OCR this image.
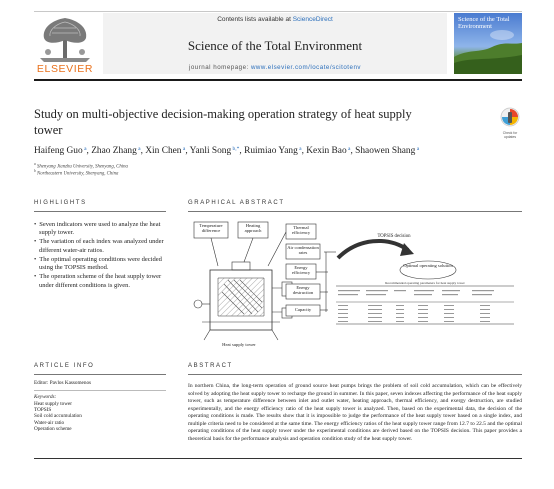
ELSEVIER
Contents lists available at ScienceDirect
Science of the Total Environment
journal homepage: www.elsevier.com/locate/scitotenv
Science of the Total Environment
Study on multi-objective decision-making operation strategy of heat supply tower	Check for updates
Haifeng Guo $^a$, Zhao Zhang $^a$, Xin Chen $^a$, Yanli Song $^{b,*}$, Ruimiao Yang $^a$, Kexin Bao $^a$, Shaowen Shang $^a$
$^a$ Shenyang Jianzhu University, Shenyang, China
$^b$ Northeastern University, Shenyang, China
HIGHLIGHTS
• Seven indicators were used to analyze the heat supply tower.
• The variation of each index was analyzed under different water-air ratios.
• The optimal operating conditions were decided using the TOPSIS method.
• The operation scheme of the heat supply tower under different conditions is given.
GRAPHICAL ABSTRACT
Temperature difference
Heating approach
Thermal efficiency
Air condensation rates
Energy efficiency
Energy destruction
Capacity
TOPSIS decision
Optimal operating solution
Recommended operating parameters for heat supply tower
Heat supply tower
ARTICLE INFO
Editor: Pavlos Kassomenos
Keywords:
Heat supply tower
TOPSIS
Soil cold accumulation
Water-air ratio
Operation scheme
ABSTRACT
In northern China, the long-term operation of ground source heat pumps brings the problem of soil cold accumulation, which can be effectively solved by adopting the heat supply tower to recharge the ground in summer. In this paper, seven indexes affecting the performance of the heat supply tower, such as temperature difference between inlet and outlet water, heating approach, thermal efficiency, and exergy destruction, are studied experimentally, and the energy efficiency ratio of the heat supply tower is analyzed. Then, based on the experimental data, the decision of the operating conditions is made. The results show that it is impossible to judge the performance of the heat supply tower based on a single index, and multiple criteria need to be considered at the same time. The energy efficiency ratios of the heat supply tower range from 12.7 to 22.5 and the optimal operating conditions of the heat supply tower under the experimental conditions are derived based on the TOPSIS decision. This paper provides a theoretical basis for the performance analysis and operation condition study of the heat supply tower.
